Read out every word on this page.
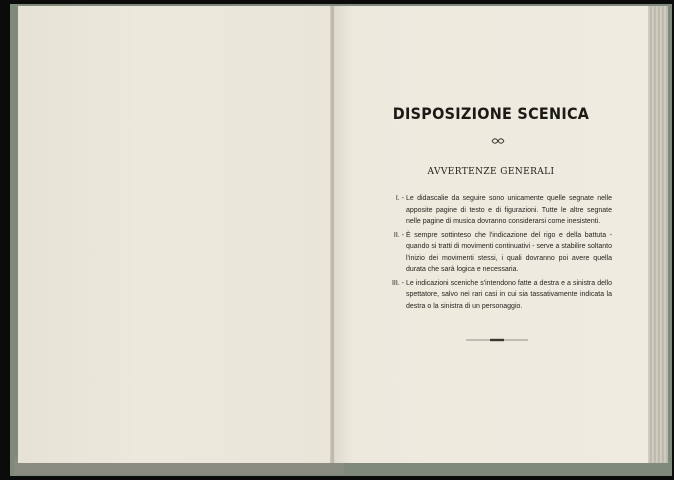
DISPOSIZIONE SCENICA
AVVERTENZE GENERALI
I. - Le didascalie da seguire sono unicamente quelle segnate nelle apposite pagine di testo e di figurazioni. Tutte le altre segnate nelle pagine di musica dovranno considerarsi come inesistenti.
II. - È sempre sottinteso che l'indicazione del rigo e della battuta - quando si tratti di movimenti continuativi - serve a stabilire soltanto l'inizio dei movimenti stessi, i quali dovranno poi avere quella durata che sarà logica e necessaria.
III. - Le indicazioni sceniche s'intendono fatte a destra e a sinistra dello spettatore, salvo nei rari casi in cui sia tassativamente indicata la destra o la sinistra di un personaggio.
